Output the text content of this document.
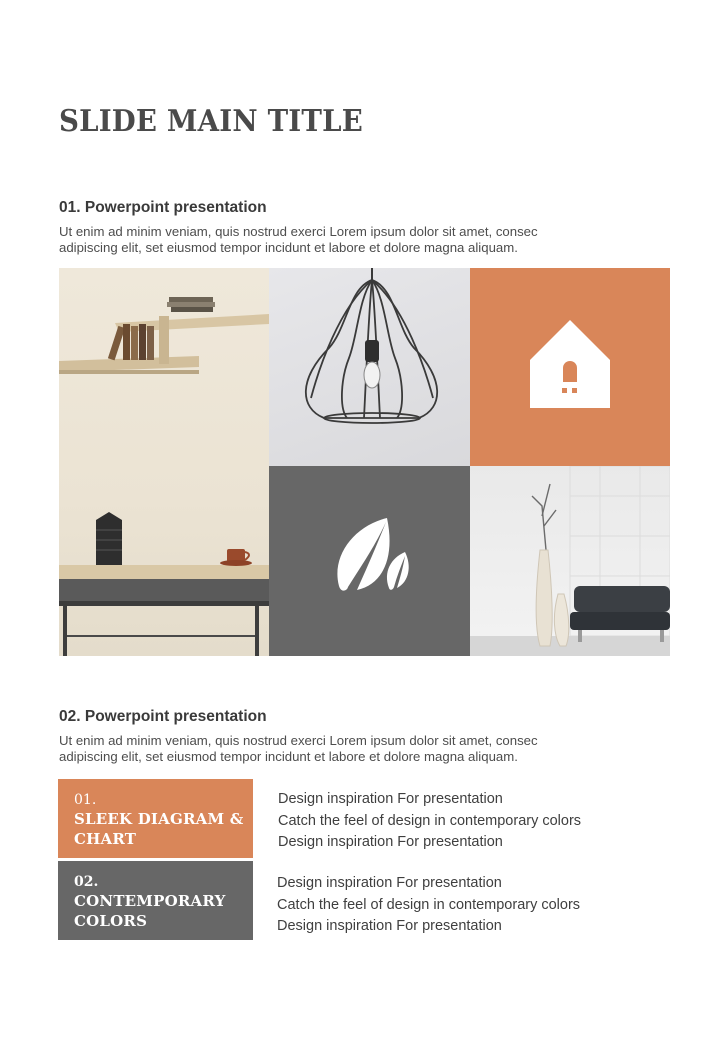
SLIDE MAIN TITLE
01. Powerpoint presentation
Ut enim ad minim veniam, quis nostrud exerci Lorem ipsum dolor sit amet, consec
adipiscing elit, set eiusmod tempor incidunt et labore et dolore magna aliquam.
02. Powerpoint presentation
Ut enim ad minim veniam, quis nostrud exerci Lorem ipsum dolor sit amet, consec
adipiscing elit, set eiusmod tempor incidunt et labore et dolore magna aliquam.
01.
SLEEK DIAGRAM & CHART
Design inspiration For presentation
Catch the feel of design in contemporary colors
Design inspiration For presentation
02.
CONTEMPORARY COLORS
Design inspiration For presentation
Catch the feel of design in contemporary colors
Design inspiration For presentation
